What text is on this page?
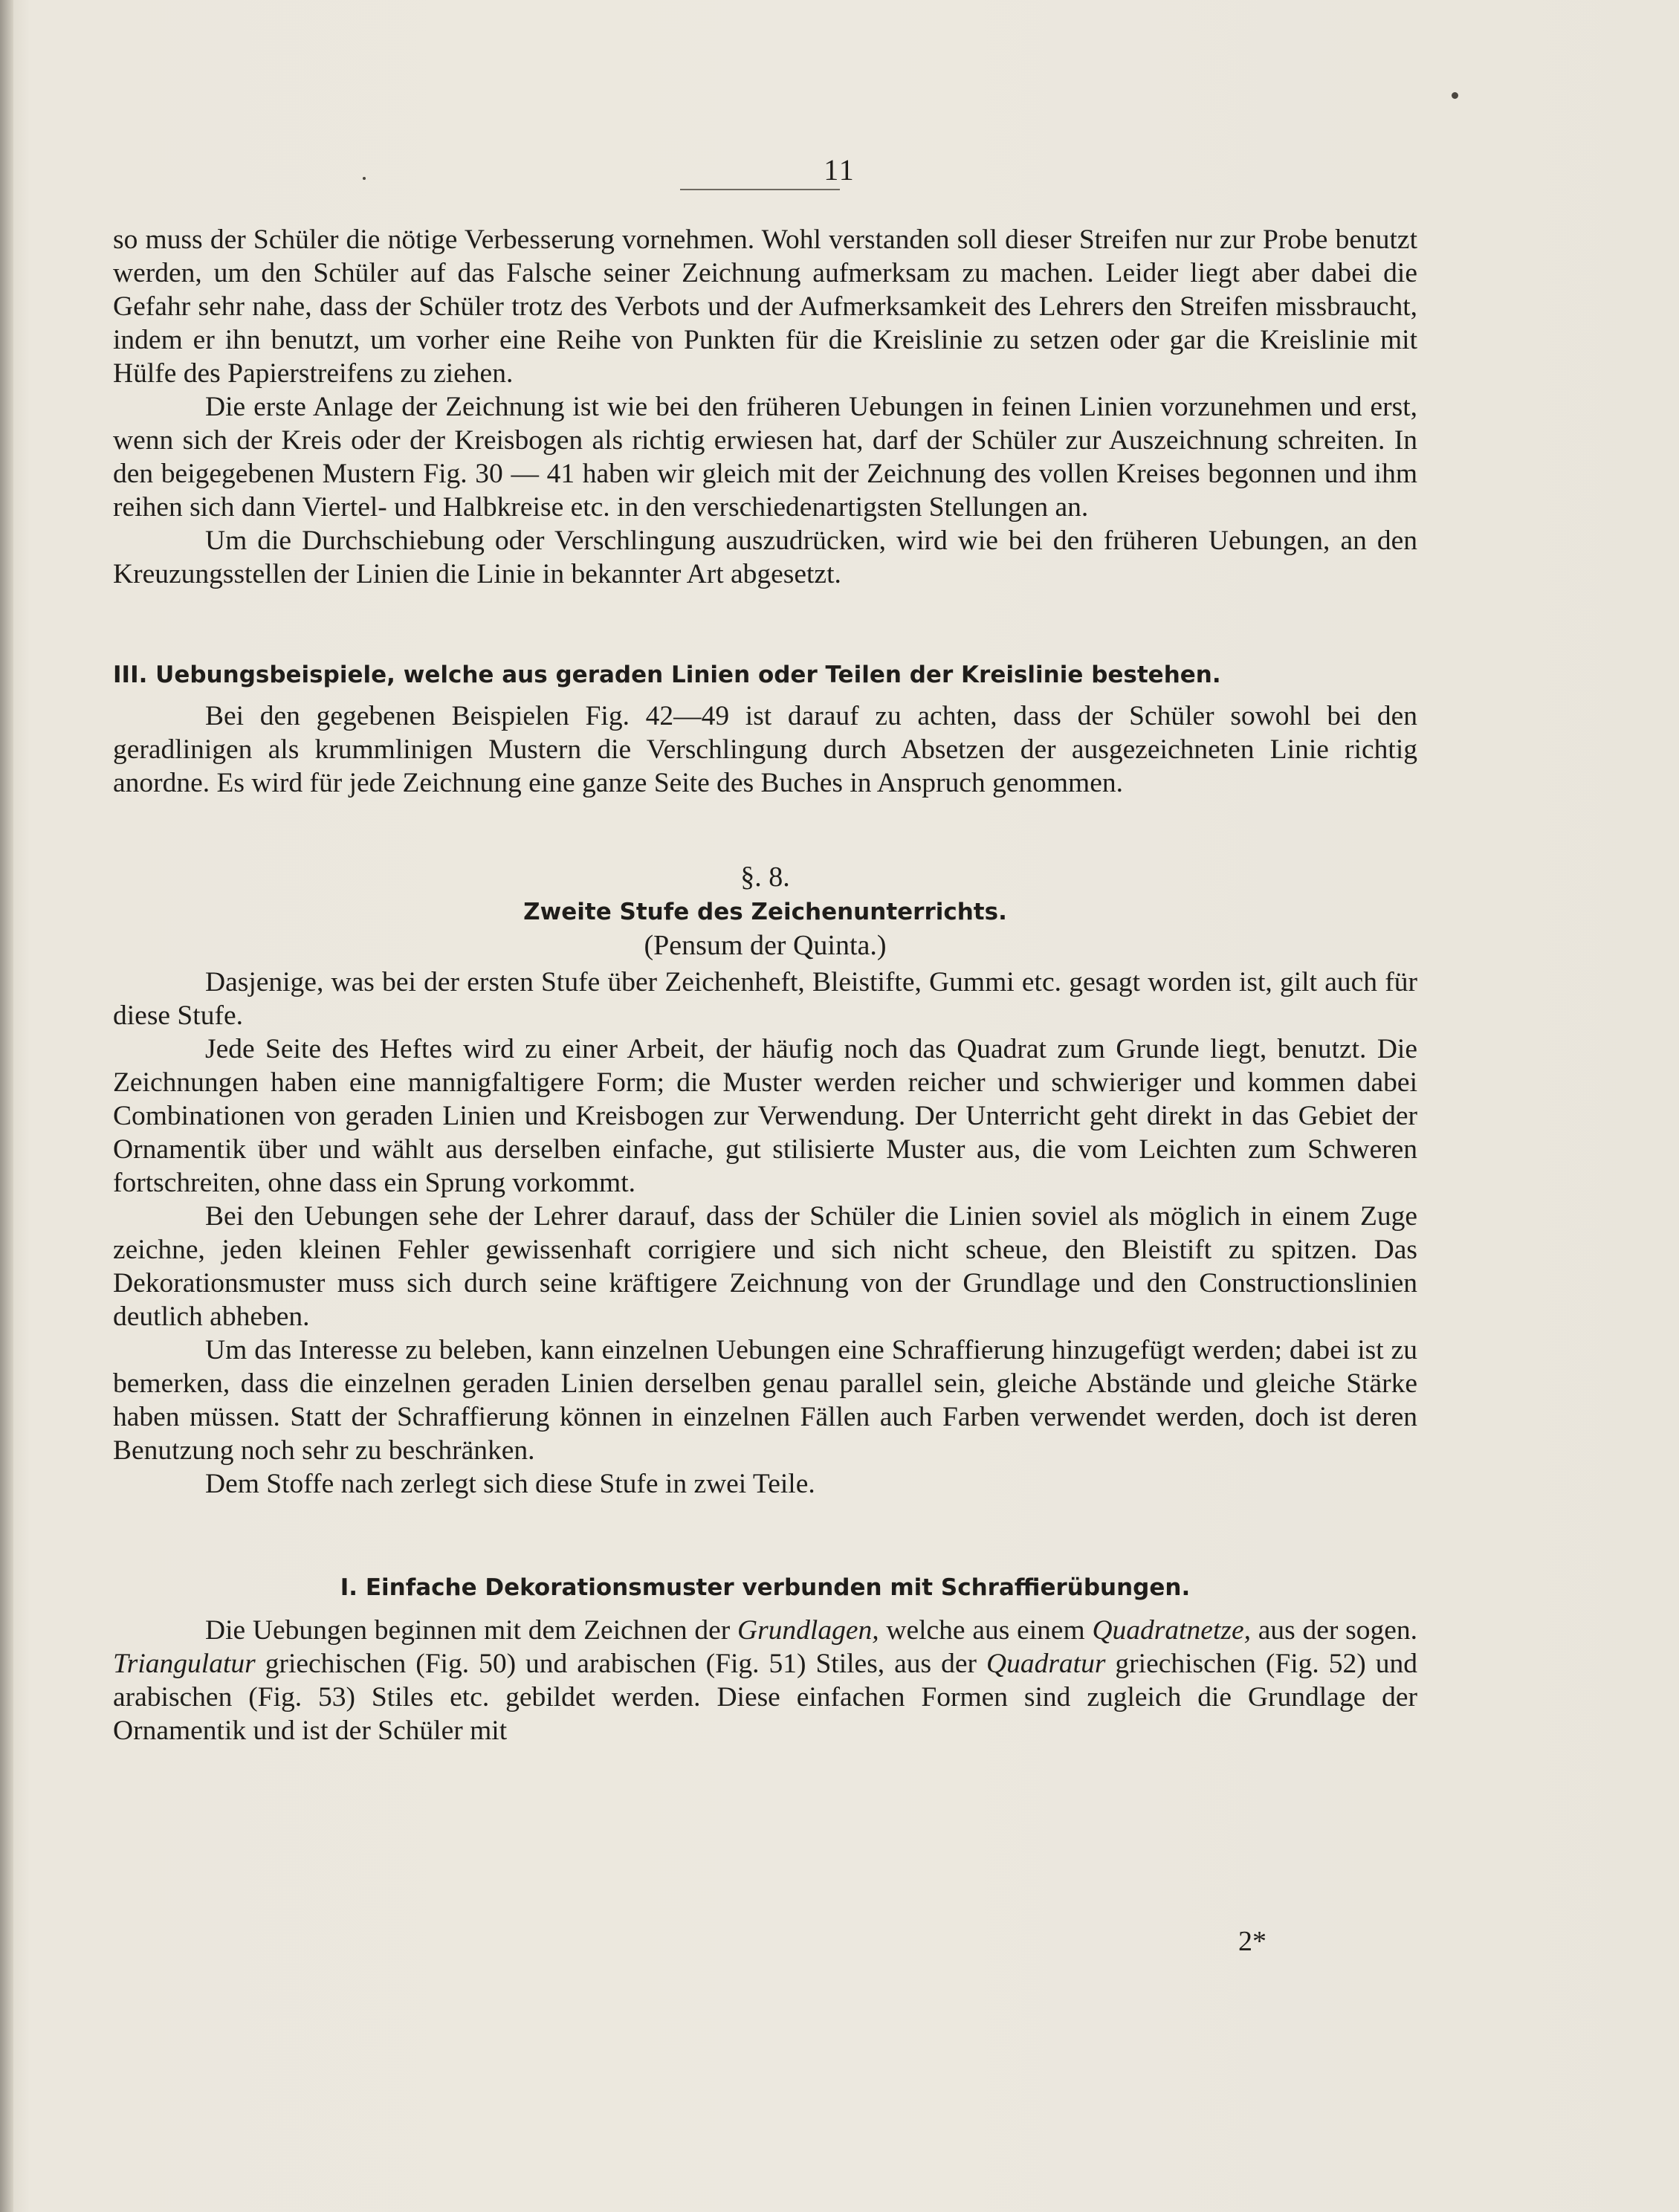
11

so muss der Schüler die nötige Verbesserung vornehmen. Wohl verstanden soll dieser Streifen nur zur Probe benutzt werden, um den Schüler auf das Falsche seiner Zeichnung aufmerksam zu machen. Leider liegt aber dabei die Gefahr sehr nahe, dass der Schüler trotz des Verbots und der Aufmerksamkeit des Lehrers den Streifen missbraucht, indem er ihn benutzt, um vorher eine Reihe von Punkten für die Kreislinie zu setzen oder gar die Kreislinie mit Hülfe des Papierstreifens zu ziehen.

Die erste Anlage der Zeichnung ist wie bei den früheren Uebungen in feinen Linien vorzunehmen und erst, wenn sich der Kreis oder der Kreisbogen als richtig erwiesen hat, darf der Schüler zur Auszeichnung schreiten. In den beigegebenen Mustern Fig. 30 — 41 haben wir gleich mit der Zeichnung des vollen Kreises begonnen und ihm reihen sich dann Viertel- und Halbkreise etc. in den verschiedenartigsten Stellungen an.

Um die Durchschiebung oder Verschlingung auszudrücken, wird wie bei den früheren Uebungen, an den Kreuzungsstellen der Linien die Linie in bekannter Art abgesetzt.

III. Uebungsbeispiele, welche aus geraden Linien oder Teilen der Kreislinie bestehen.

Bei den gegebenen Beispielen Fig. 42—49 ist darauf zu achten, dass der Schüler sowohl bei den geradlinigen als krummlinigen Mustern die Verschlingung durch Absetzen der ausgezeichneten Linie richtig anordne. Es wird für jede Zeichnung eine ganze Seite des Buches in Anspruch genommen.

§. 8.

Zweite Stufe des Zeichenunterrichts.

(Pensum der Quinta.)

Dasjenige, was bei der ersten Stufe über Zeichenheft, Bleistifte, Gummi etc. gesagt worden ist, gilt auch für diese Stufe.

Jede Seite des Heftes wird zu einer Arbeit, der häufig noch das Quadrat zum Grunde liegt, benutzt. Die Zeichnungen haben eine mannigfaltigere Form; die Muster werden reicher und schwieriger und kommen dabei Combinationen von geraden Linien und Kreisbogen zur Verwendung. Der Unterricht geht direkt in das Gebiet der Ornamentik über und wählt aus derselben einfache, gut stilisierte Muster aus, die vom Leichten zum Schweren fortschreiten, ohne dass ein Sprung vorkommt.

Bei den Uebungen sehe der Lehrer darauf, dass der Schüler die Linien soviel als möglich in einem Zuge zeichne, jeden kleinen Fehler gewissenhaft corrigiere und sich nicht scheue, den Bleistift zu spitzen. Das Dekorationsmuster muss sich durch seine kräftigere Zeichnung von der Grundlage und den Constructionslinien deutlich abheben.

Um das Interesse zu beleben, kann einzelnen Uebungen eine Schraffierung hinzugefügt werden; dabei ist zu bemerken, dass die einzelnen geraden Linien derselben genau parallel sein, gleiche Abstände und gleiche Stärke haben müssen. Statt der Schraffierung können in einzelnen Fällen auch Farben verwendet werden, doch ist deren Benutzung noch sehr zu beschränken.

Dem Stoffe nach zerlegt sich diese Stufe in zwei Teile.

I. Einfache Dekorationsmuster verbunden mit Schraffierübungen.

Die Uebungen beginnen mit dem Zeichnen der Grundlagen, welche aus einem Quadratnetze, aus der sogen. Triangulatur griechischen (Fig. 50) und arabischen (Fig. 51) Stiles, aus der Quadratur griechischen (Fig. 52) und arabischen (Fig. 53) Stiles etc. gebildet werden. Diese einfachen Formen sind zugleich die Grundlage der Ornamentik und ist der Schüler mit

2*
